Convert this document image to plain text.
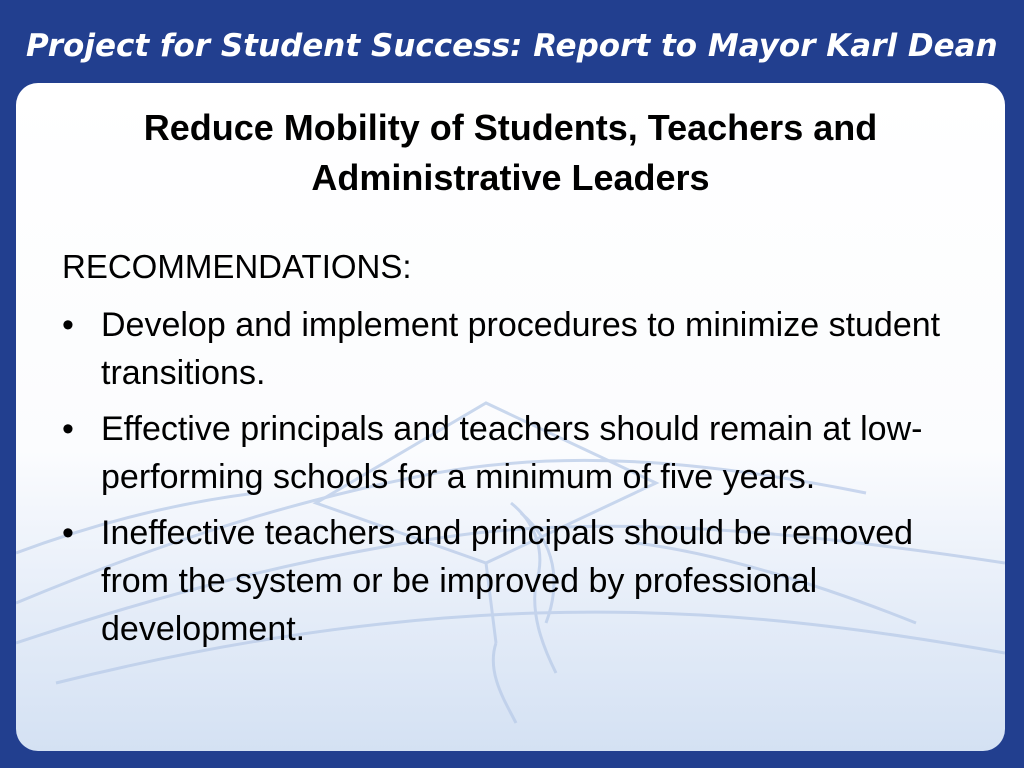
Project for Student Success: Report to Mayor Karl Dean
Reduce Mobility of Students, Teachers and Administrative Leaders
RECOMMENDATIONS:
• Develop and implement procedures to minimize student transitions.
• Effective principals and teachers should remain at low-performing schools for a minimum of five years.
• Ineffective teachers and principals should be removed from the system or be improved by professional development.
